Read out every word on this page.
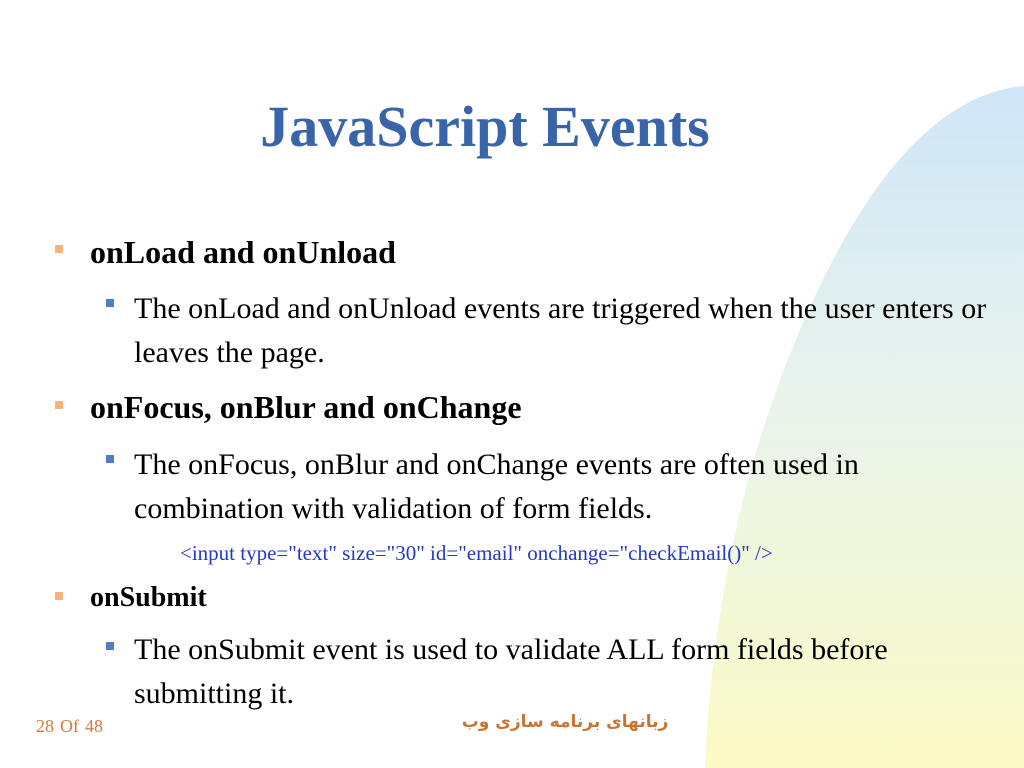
JavaScript Events
onLoad and onUnload
The onLoad and onUnload events are triggered when the user enters or leaves the page.
onFocus, onBlur and onChange
The onFocus, onBlur and onChange events are often used in combination with validation of form fields.
<input type="text" size="30" id="email" onchange="checkEmail()" />
onSubmit
The onSubmit event is used to validate ALL form fields before submitting it.
28 Of 48	زبانهای برنامه سازی وب
